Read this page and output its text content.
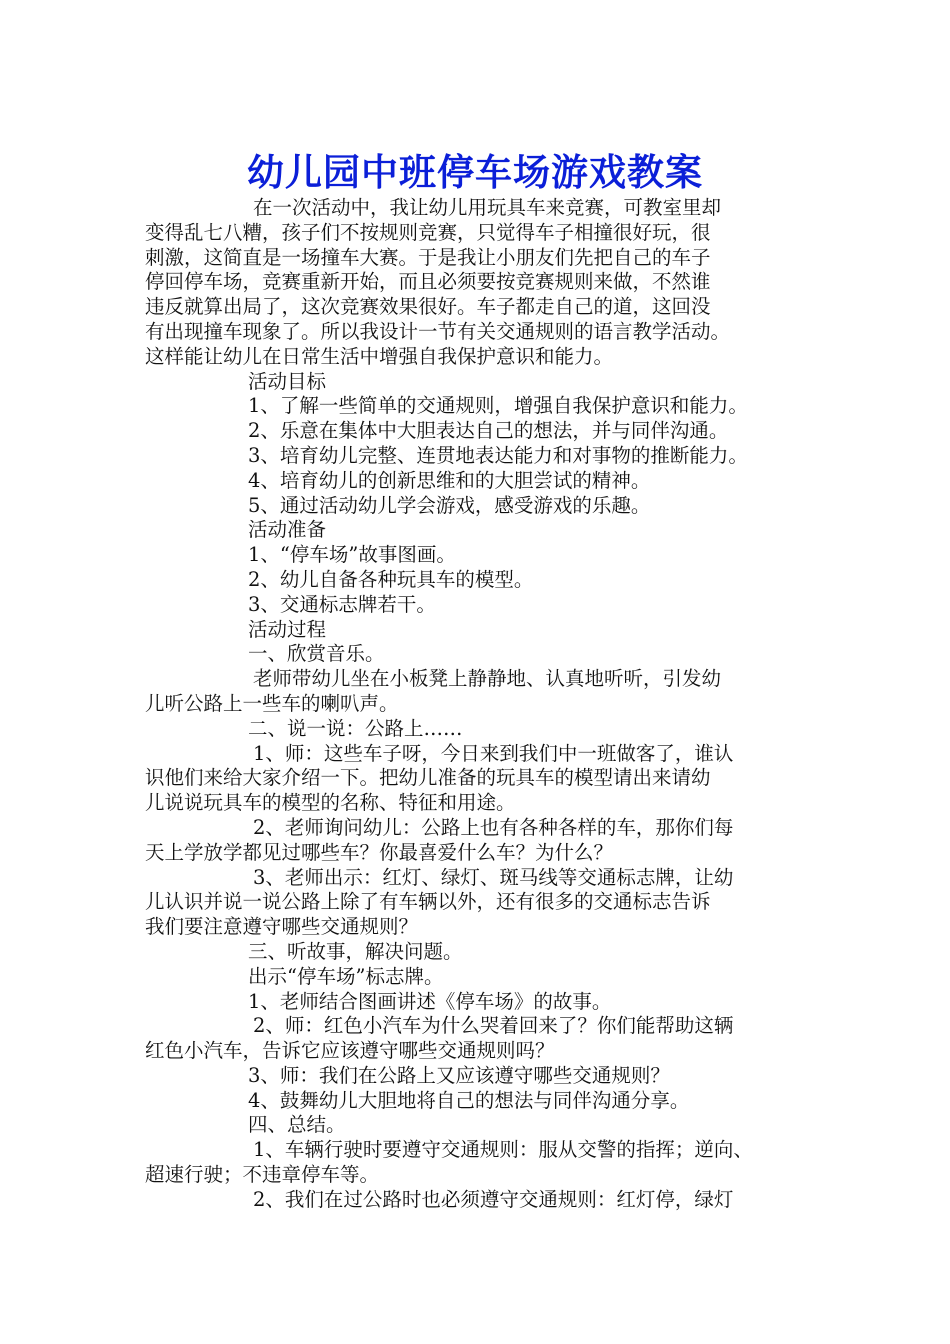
幼儿园中班停车场游戏教案

在一次活动中，我让幼儿用玩具车来竞赛，可教室里却

变得乱七八糟，孩子们不按规则竞赛，只觉得车子相撞很好玩，很

刺激，这简直是一场撞车大赛。于是我让小朋友们先把自己的车子

停回停车场，竞赛重新开始，而且必须要按竞赛规则来做，不然谁

违反就算出局了，这次竞赛效果很好。车子都走自己的道，这回没

有出现撞车现象了。所以我设计一节有关交通规则的语言教学活动。

这样能让幼儿在日常生活中增强自我保护意识和能力。

活动目标

1、了解一些简单的交通规则，增强自我保护意识和能力。

2、乐意在集体中大胆表达自己的想法，并与同伴沟通。

3、培育幼儿完整、连贯地表达能力和对事物的推断能力。

4、培育幼儿的创新思维和的大胆尝试的精神。

5、通过活动幼儿学会游戏，感受游戏的乐趣。

活动准备

1、“停车场”故事图画。

2、幼儿自备各种玩具车的模型。

3、交通标志牌若干。

活动过程

一、欣赏音乐。

老师带幼儿坐在小板凳上静静地、认真地听听，引发幼

儿听公路上一些车的喇叭声。

二、说一说：公路上……

1、师：这些车子呀，今日来到我们中一班做客了，谁认

识他们来给大家介绍一下。把幼儿准备的玩具车的模型请出来请幼

儿说说玩具车的模型的名称、特征和用途。

2、老师询问幼儿：公路上也有各种各样的车，那你们每

天上学放学都见过哪些车？你最喜爱什么车？为什么？

3、老师出示：红灯、绿灯、斑马线等交通标志牌，让幼

儿认识并说一说公路上除了有车辆以外，还有很多的交通标志告诉

我们要注意遵守哪些交通规则？

三、听故事，解决问题。

出示“停车场”标志牌。

1、老师结合图画讲述《停车场》的故事。

2、师：红色小汽车为什么哭着回来了？你们能帮助这辆

红色小汽车，告诉它应该遵守哪些交通规则吗？

3、师：我们在公路上又应该遵守哪些交通规则？

4、鼓舞幼儿大胆地将自己的想法与同伴沟通分享。

四、总结。

1、车辆行驶时要遵守交通规则：服从交警的指挥；逆向、

超速行驶；不违章停车等。

2、我们在过公路时也必须遵守交通规则：红灯停，绿灯
